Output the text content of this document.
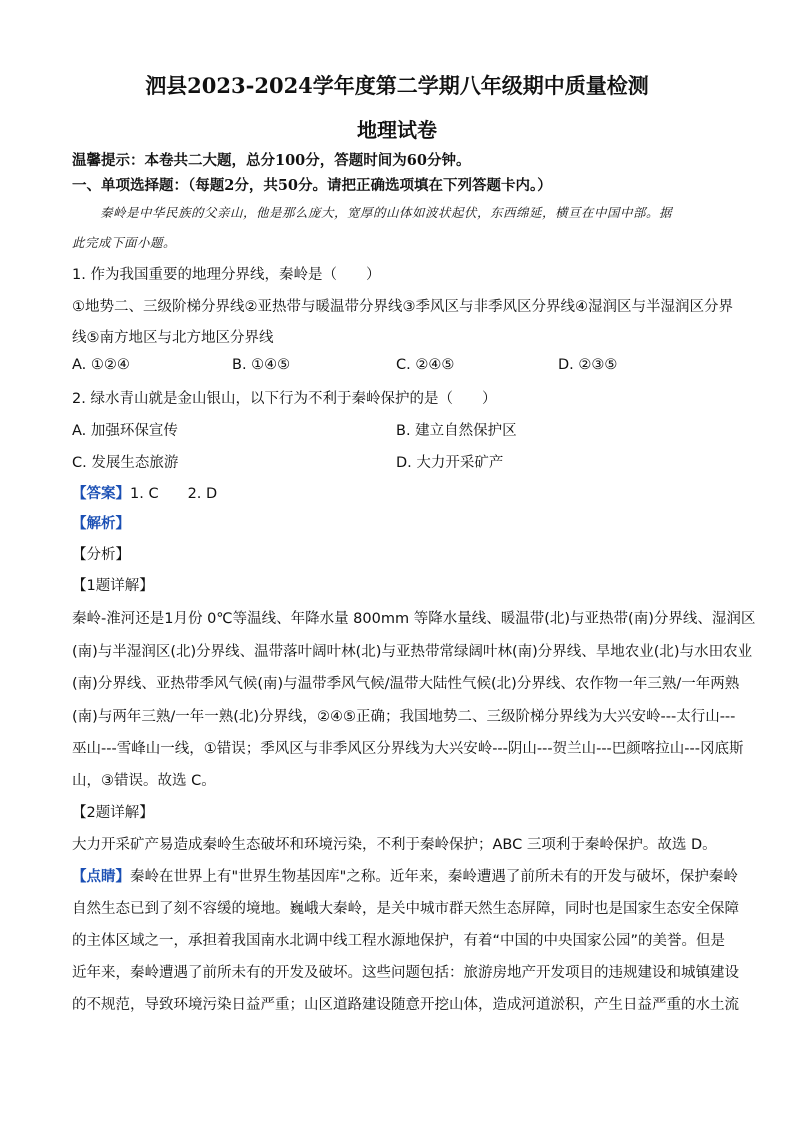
泗县2023-2024学年度第二学期八年级期中质量检测
地理试卷
温馨提示：本卷共二大题，总分100分，答题时间为60分钟。
一、单项选择题：（每题2分，共50分。请把正确选项填在下列答题卡内。）
秦岭是中华民族的父亲山，他是那么庞大，宽厚的山体如波状起伏，东西绵延，横亘在中国中部。据
此完成下面小题。
1. 作为我国重要的地理分界线，秦岭是（　　）
①地势二、三级阶梯分界线②亚热带与暖温带分界线③季风区与非季风区分界线④湿润区与半湿润区分界
线⑤南方地区与北方地区分界线
A. ①②④	B. ①④⑤	C. ②④⑤	D. ②③⑤
2. 绿水青山就是金山银山，以下行为不利于秦岭保护的是（　　）
A. 加强环保宣传	B. 建立自然保护区
C. 发展生态旅游	D. 大力开采矿产
【答案】1. C　　2. D
【解析】
【分析】
【1题详解】
秦岭-淮河还是1月份 0℃等温线、年降水量 800mm 等降水量线、暖温带(北)与亚热带(南)分界线、湿润区
(南)与半湿润区(北)分界线、温带落叶阔叶林(北)与亚热带常绿阔叶林(南)分界线、旱地农业(北)与水田农业
(南)分界线、亚热带季风气候(南)与温带季风气候/温带大陆性气候(北)分界线、农作物一年三熟/一年两熟
(南)与两年三熟/一年一熟(北)分界线，②④⑤正确；我国地势二、三级阶梯分界线为大兴安岭---太行山---
巫山---雪峰山一线，①错误；季风区与非季风区分界线为大兴安岭---阴山---贺兰山---巴颜喀拉山---冈底斯
山，③错误。故选 C。
【2题详解】
大力开采矿产易造成秦岭生态破坏和环境污染，不利于秦岭保护；ABC 三项利于秦岭保护。故选 D。
【点睛】秦岭在世界上有"世界生物基因库"之称。近年来，秦岭遭遇了前所未有的开发与破坏，保护秦岭
自然生态已到了刻不容缓的境地。巍峨大秦岭，是关中城市群天然生态屏障，同时也是国家生态安全保障
的主体区域之一，承担着我国南水北调中线工程水源地保护，有着“中国的中央国家公园”的美誉。但是
近年来，秦岭遭遇了前所未有的开发及破坏。这些问题包括：旅游房地产开发项目的违规建设和城镇建设
的不规范，导致环境污染日益严重；山区道路建设随意开挖山体，造成河道淤积，产生日益严重的水土流
